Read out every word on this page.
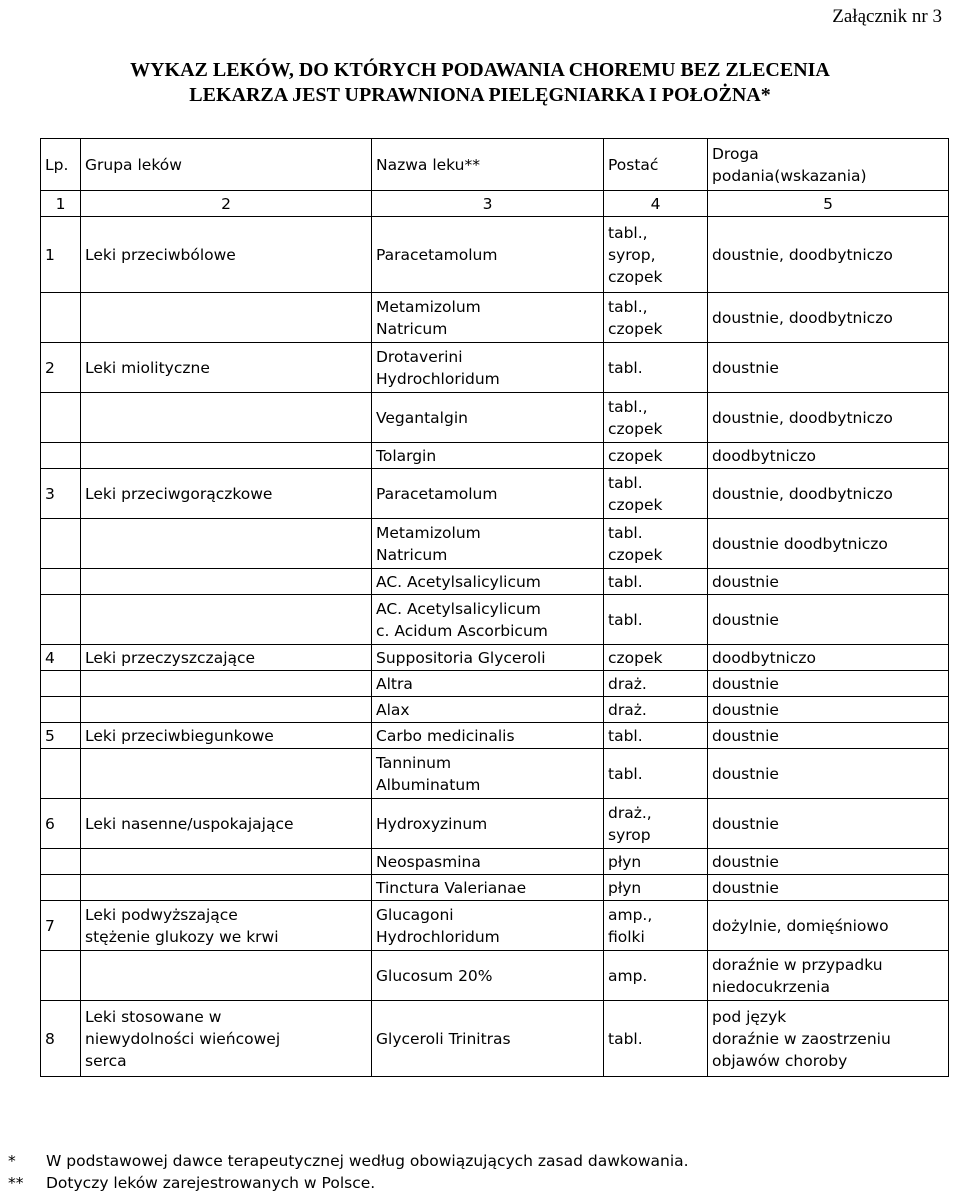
Załącznik nr 3
WYKAZ LEKÓW, DO KTÓRYCH PODAWANIA CHOREMU BEZ ZLECENIA
LEKARZA JEST UPRAWNIONA PIELĘGNIARKA I POŁOŻNA*
Lp.	Grupa leków	Nazwa leku**	Postać	Droga
podania(wskazania)
1	2	3	4	5
1	Leki przeciwbólowe	Paracetamolum	tabl.,
syrop,
czopek	doustnie, doodbytniczo
		Metamizolum
Natricum	tabl.,
czopek	doustnie, doodbytniczo
2	Leki miolityczne	Drotaverini
Hydrochloridum	tabl.	doustnie
		Vegantalgin	tabl.,
czopek	doustnie, doodbytniczo
		Tolargin	czopek	doodbytniczo
3	Leki przeciwgorączkowe	Paracetamolum	tabl.
czopek	doustnie, doodbytniczo
		Metamizolum
Natricum	tabl.
czopek	doustnie doodbytniczo
		AC. Acetylsalicylicum	tabl.	doustnie
		AC. Acetylsalicylicum
c. Acidum Ascorbicum	tabl.	doustnie
4	Leki przeczyszczające	Suppositoria Glyceroli	czopek	doodbytniczo
		Altra	draż.	doustnie
		Alax	draż.	doustnie
5	Leki przeciwbiegunkowe	Carbo medicinalis	tabl.	doustnie
		Tanninum
Albuminatum	tabl.	doustnie
6	Leki nasenne/uspokajające	Hydroxyzinum	draż.,
syrop	doustnie
		Neospasmina	płyn	doustnie
		Tinctura Valerianae	płyn	doustnie
7	Leki podwyższające
stężenie glukozy we krwi	Glucagoni
Hydrochloridum	amp.,
fiolki	dożylnie, domięśniowo
		Glucosum 20%	amp.	doraźnie w przypadku
niedocukrzenia
8	Leki stosowane w
niewydolności wieńcowej
serca	Glyceroli Trinitras	tabl.	pod język
doraźnie w zaostrzeniu
objawów choroby
*	W podstawowej dawce terapeutycznej według obowiązujących zasad dawkowania.
**	Dotyczy leków zarejestrowanych w Polsce.
